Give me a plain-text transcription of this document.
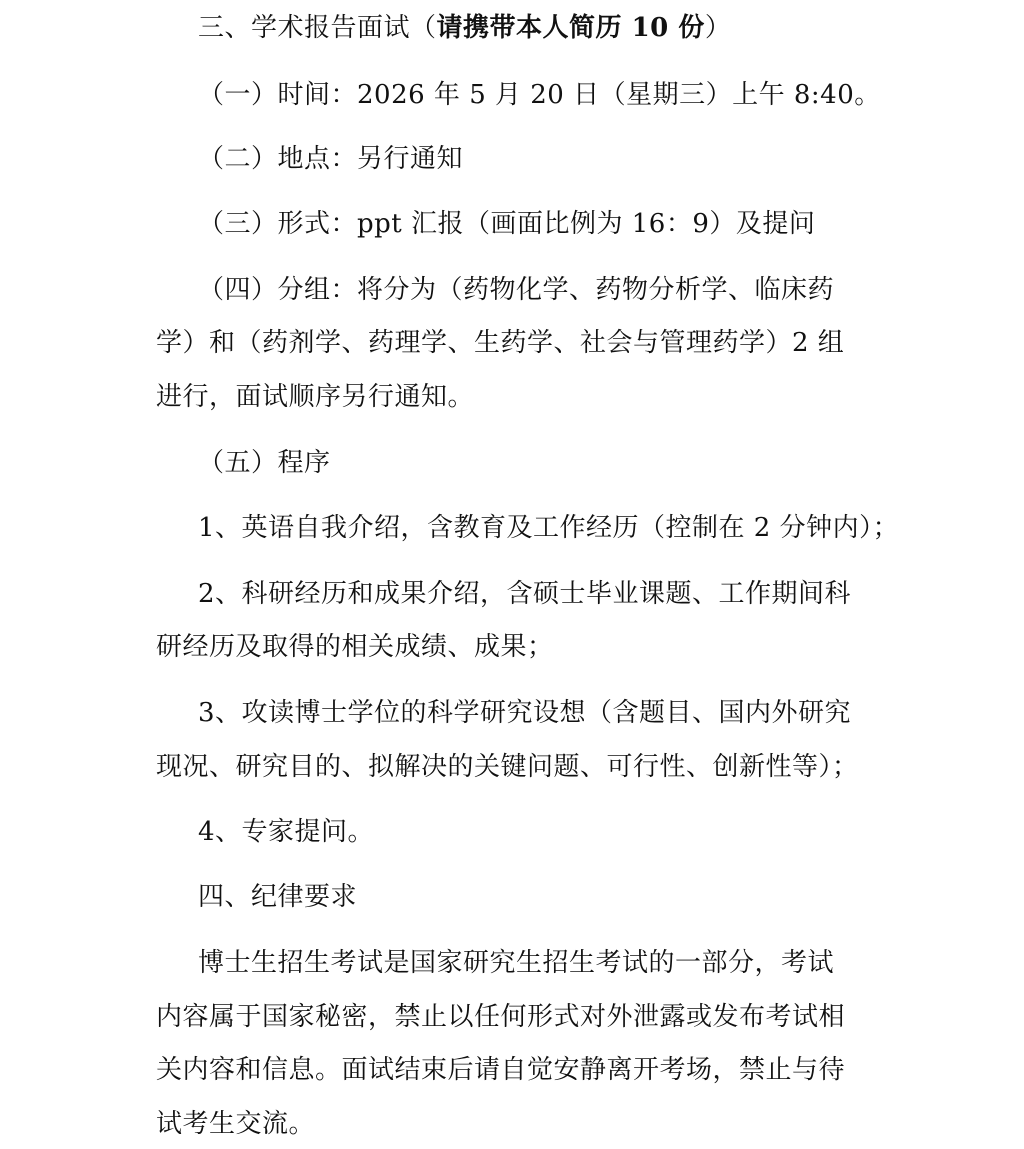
三、学术报告面试（请携带本人简历 10 份）
（一）时间：2026 年 5 月 20 日（星期三）上午 8:40。
（二）地点：另行通知
（三）形式：ppt 汇报（画面比例为 16：9）及提问
（四）分组：将分为（药物化学、药物分析学、临床药
学）和（药剂学、药理学、生药学、社会与管理药学）2 组
进行，面试顺序另行通知。
（五）程序
1、英语自我介绍，含教育及工作经历（控制在 2 分钟内）；
2、科研经历和成果介绍，含硕士毕业课题、工作期间科
研经历及取得的相关成绩、成果；
3、攻读博士学位的科学研究设想（含题目、国内外研究
现况、研究目的、拟解决的关键问题、可行性、创新性等）；
4、专家提问。
四、纪律要求
博士生招生考试是国家研究生招生考试的一部分，考试
内容属于国家秘密，禁止以任何形式对外泄露或发布考试相
关内容和信息。面试结束后请自觉安静离开考场，禁止与待
试考生交流。
